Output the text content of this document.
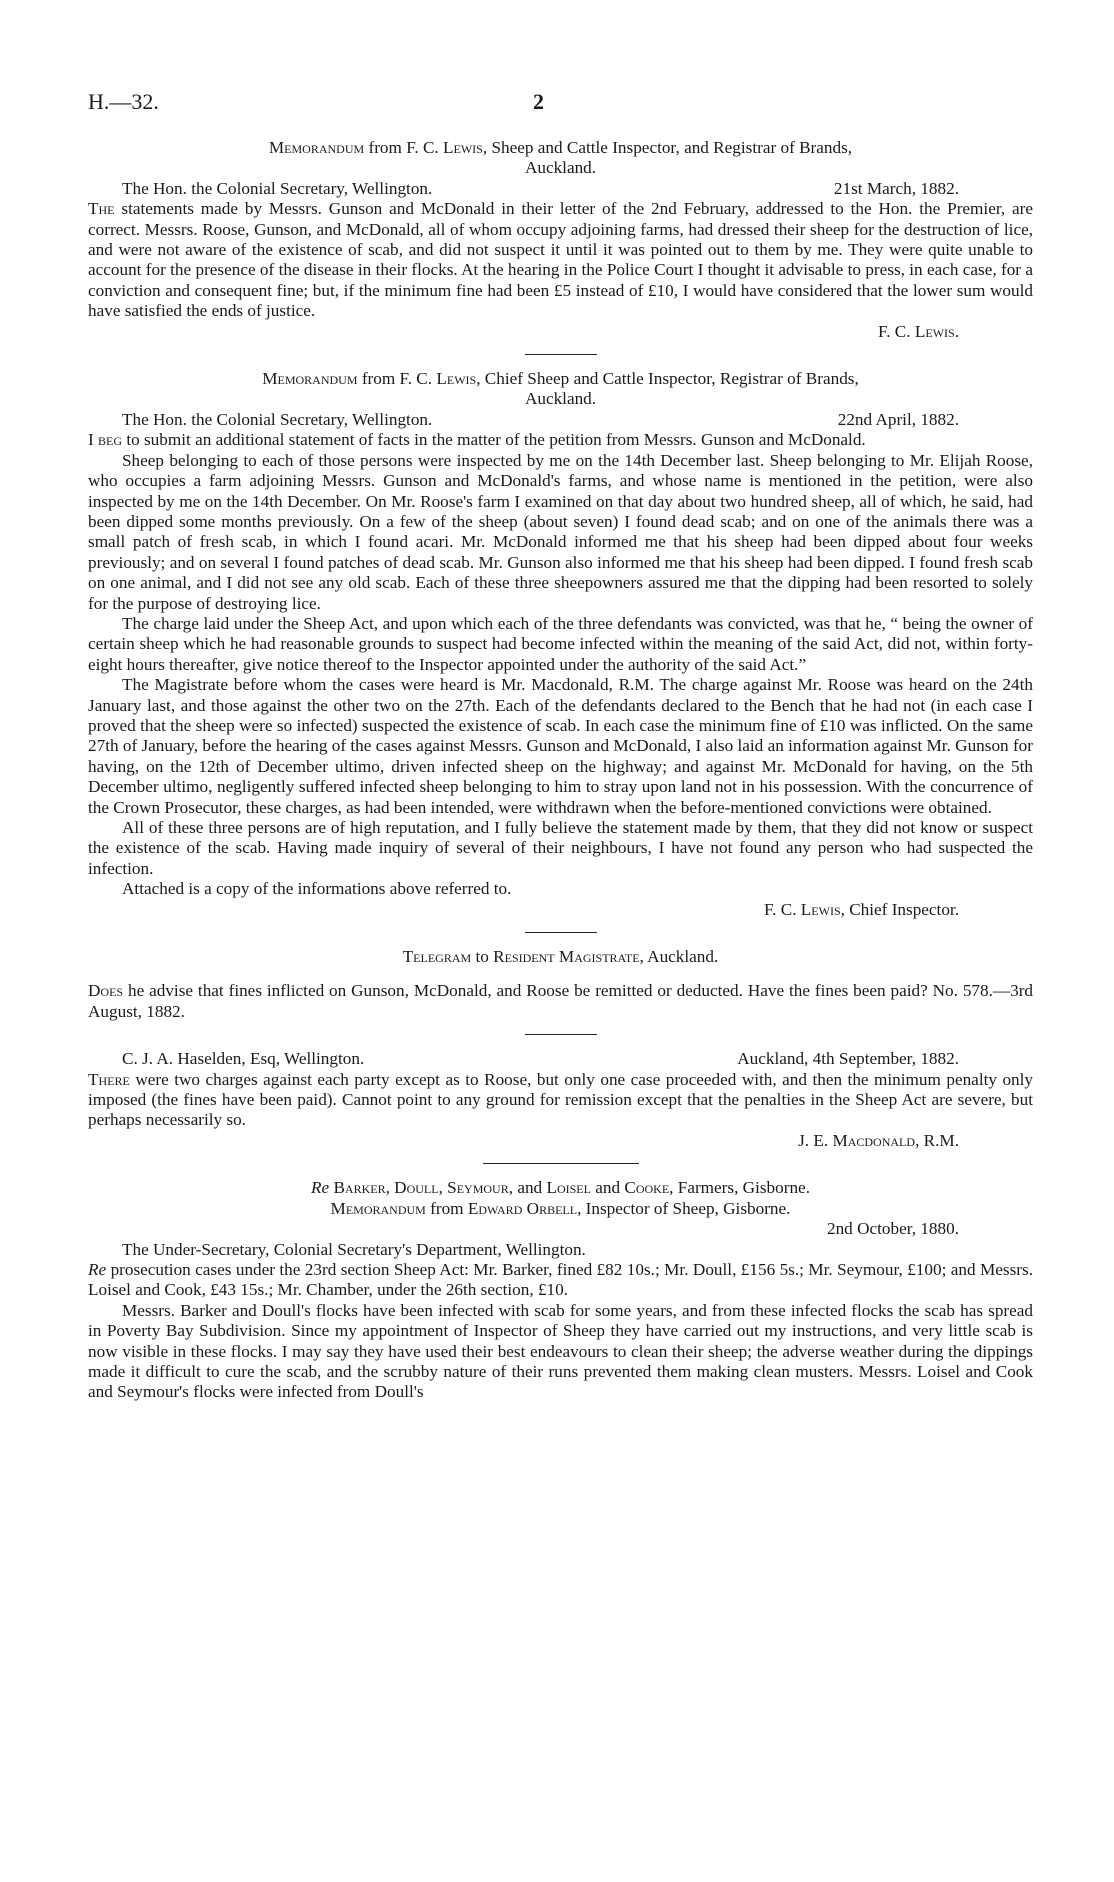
H.—32.	2
Memorandum from F. C. Lewis, Sheep and Cattle Inspector, and Registrar of Brands,
Auckland.
The Hon. the Colonial Secretary, Wellington.	21st March, 1882.

The statements made by Messrs. Gunson and McDonald in their letter of the 2nd February, addressed to the Hon. the Premier, are correct. Messrs. Roose, Gunson, and McDonald, all of whom occupy adjoining farms, had dressed their sheep for the destruction of lice, and were not aware of the existence of scab, and did not suspect it until it was pointed out to them by me. They were quite unable to account for the presence of the disease in their flocks. At the hearing in the Police Court I thought it advisable to press, in each case, for a conviction and consequent fine; but, if the minimum fine had been £5 instead of £10, I would have considered that the lower sum would have satisfied the ends of justice.

F. C. Lewis.
Memorandum from F. C. Lewis, Chief Sheep and Cattle Inspector, Registrar of Brands,
Auckland.
The Hon. the Colonial Secretary, Wellington.	22nd April, 1882.

I beg to submit an additional statement of facts in the matter of the petition from Messrs. Gunson and McDonald.

Sheep belonging to each of those persons were inspected by me on the 14th December last. Sheep belonging to Mr. Elijah Roose, who occupies a farm adjoining Messrs. Gunson and McDonald's farms, and whose name is mentioned in the petition, were also inspected by me on the 14th December. On Mr. Roose's farm I examined on that day about two hundred sheep, all of which, he said, had been dipped some months previously. On a few of the sheep (about seven) I found dead scab; and on one of the animals there was a small patch of fresh scab, in which I found acari. Mr. McDonald informed me that his sheep had been dipped about four weeks previously; and on several I found patches of dead scab. Mr. Gunson also informed me that his sheep had been dipped. I found fresh scab on one animal, and I did not see any old scab. Each of these three sheepowners assured me that the dipping had been resorted to solely for the purpose of destroying lice.

The charge laid under the Sheep Act, and upon which each of the three defendants was convicted, was that he, “ being the owner of certain sheep which he had reasonable grounds to suspect had become infected within the meaning of the said Act, did not, within forty-eight hours thereafter, give notice thereof to the Inspector appointed under the authority of the said Act.”

The Magistrate before whom the cases were heard is Mr. Macdonald, R.M. The charge against Mr. Roose was heard on the 24th January last, and those against the other two on the 27th. Each of the defendants declared to the Bench that he had not (in each case I proved that the sheep were so infected) suspected the existence of scab. In each case the minimum fine of £10 was inflicted. On the same 27th of January, before the hearing of the cases against Messrs. Gunson and McDonald, I also laid an information against Mr. Gunson for having, on the 12th of December ultimo, driven infected sheep on the highway; and against Mr. McDonald for having, on the 5th December ultimo, negligently suffered infected sheep belonging to him to stray upon land not in his possession. With the concurrence of the Crown Prosecutor, these charges, as had been intended, were withdrawn when the before-mentioned convictions were obtained.

All of these three persons are of high reputation, and I fully believe the statement made by them, that they did not know or suspect the existence of the scab. Having made inquiry of several of their neighbours, I have not found any person who had suspected the infection.

Attached is a copy of the informations above referred to.

F. C. Lewis, Chief Inspector.
Telegram to Resident Magistrate, Auckland.

Does he advise that fines inflicted on Gunson, McDonald, and Roose be remitted or deducted. Have the fines been paid? No. 578.—3rd August, 1882.

C. J. A. Haselden, Esq, Wellington.	Auckland, 4th September, 1882.

There were two charges against each party except as to Roose, but only one case proceeded with, and then the minimum penalty only imposed (the fines have been paid). Cannot point to any ground for remission except that the penalties in the Sheep Act are severe, but perhaps necessarily so.

J. E. Macdonald, R.M.
Re Barker, Doull, Seymour, and Loisel and Cooke, Farmers, Gisborne.
Memorandum from Edward Orbell, Inspector of Sheep, Gisborne.
2nd October, 1880.
The Under-Secretary, Colonial Secretary's Department, Wellington.

Re prosecution cases under the 23rd section Sheep Act: Mr. Barker, fined £82 10s.; Mr. Doull, £156 5s.; Mr. Seymour, £100; and Messrs. Loisel and Cook, £43 15s.; Mr. Chamber, under the 26th section, £10.

Messrs. Barker and Doull's flocks have been infected with scab for some years, and from these infected flocks the scab has spread in Poverty Bay Subdivision. Since my appointment of Inspector of Sheep they have carried out my instructions, and very little scab is now visible in these flocks. I may say they have used their best endeavours to clean their sheep; the adverse weather during the dippings made it difficult to cure the scab, and the scrubby nature of their runs prevented them making clean musters. Messrs. Loisel and Cook and Seymour's flocks were infected from Doull's
